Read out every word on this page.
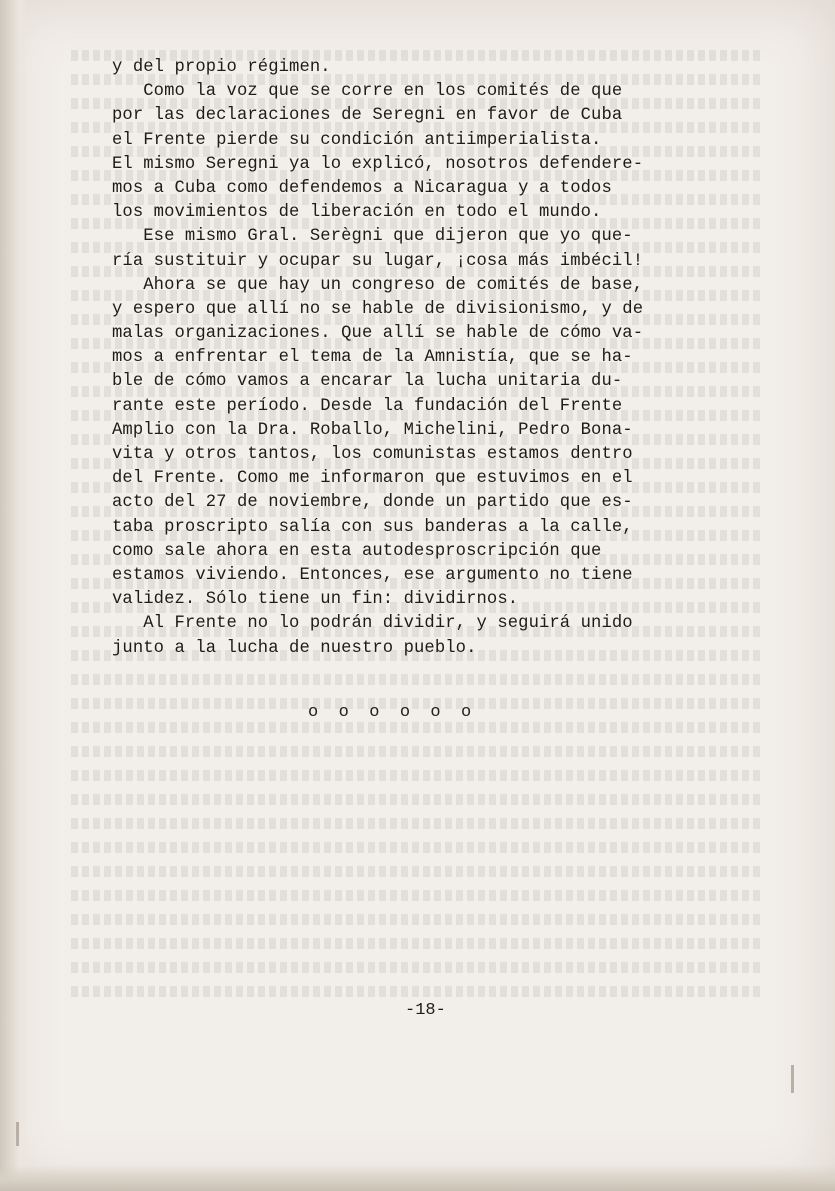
y del propio régimen.
Como la voz que se corre en los comités de que
por las declaraciones de Seregni en favor de Cuba
el Frente pierde su condición antiimperialista.
El mismo Seregni ya lo explicó, nosotros defendere-
mos a Cuba como defendemos a Nicaragua y a todos
los movimientos de liberación en todo el mundo.
Ese mismo Gral. Serègni que dijeron que yo que-
ría sustituir y ocupar su lugar, ¡cosa más imbécil!
Ahora se que hay un congreso de comités de base,
y espero que allí no se hable de divisionismo, y de
malas organizaciones. Que allí se hable de cómo va-
mos a enfrentar el tema de la Amnistía, que se ha-
ble de cómo vamos a encarar la lucha unitaria du-
rante este período. Desde la fundación del Frente
Amplio con la Dra. Roballo, Michelini, Pedro Bona-
vita y otros tantos, los comunistas estamos dentro
del Frente. Como me informaron que estuvimos en el
acto del 27 de noviembre, donde un partido que es-
taba proscripto salía con sus banderas a la calle,
como sale ahora en esta autodesproscripción que
estamos viviendo. Entonces, ese argumento no tiene
validez. Sólo tiene un fin: dividirnos.
Al Frente no lo podrán dividir, y seguirá unido
junto a la lucha de nuestro pueblo.
o  o  o  o  o  o
-18-
